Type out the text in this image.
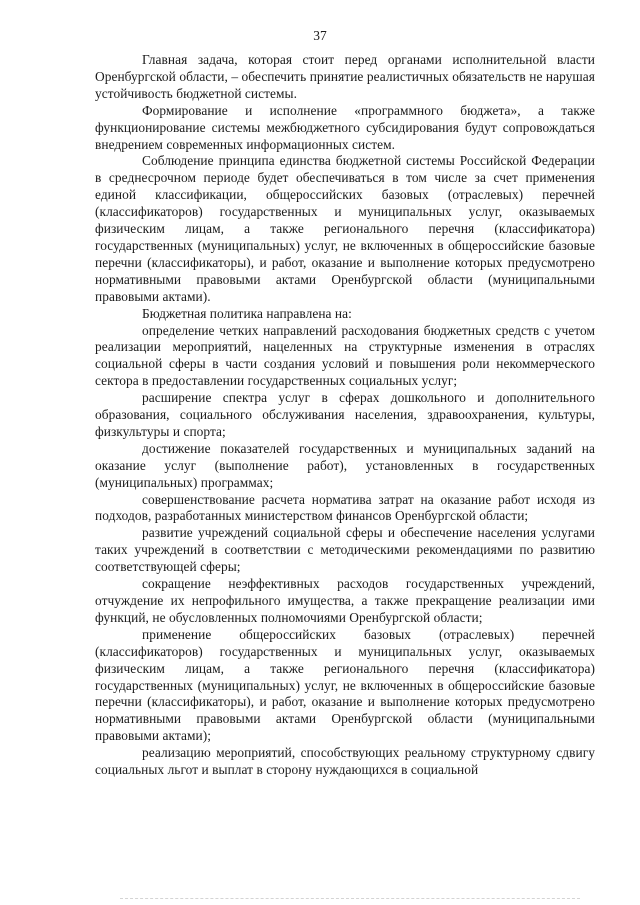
37

Главная задача, которая стоит перед органами исполнительной власти Оренбургской области, – обеспечить принятие реалистичных обязательств не нарушая устойчивость бюджетной системы.

Формирование и исполнение «программного бюджета», а также функционирование системы межбюджетного субсидирования будут сопровождаться внедрением современных информационных систем.

Соблюдение принципа единства бюджетной системы Российской Федерации в среднесрочном периоде будет обеспечиваться в том числе за счет применения единой классификации, общероссийских базовых (отраслевых) перечней (классификаторов) государственных и муниципальных услуг, оказываемых физическим лицам, а также регионального перечня (классификатора) государственных (муниципальных) услуг, не включенных в общероссийские базовые перечни (классификаторы), и работ, оказание и выполнение которых предусмотрено нормативными правовыми актами Оренбургской области (муниципальными правовыми актами).

Бюджетная политика направлена на:

определение четких направлений расходования бюджетных средств с учетом реализации мероприятий, нацеленных на структурные изменения в отраслях социальной сферы в части создания условий и повышения роли некоммерческого сектора в предоставлении государственных социальных услуг;

расширение спектра услуг в сферах дошкольного и дополнительного образования, социального обслуживания населения, здравоохранения, культуры, физкультуры и спорта;

достижение показателей государственных и муниципальных заданий на оказание услуг (выполнение работ), установленных в государственных (муниципальных) программах;

совершенствование расчета норматива затрат на оказание работ исходя из подходов, разработанных министерством финансов Оренбургской области;

развитие учреждений социальной сферы и обеспечение населения услугами таких учреждений в соответствии с методическими рекомендациями по развитию соответствующей сферы;

сокращение неэффективных расходов государственных учреждений, отчуждение их непрофильного имущества, а также прекращение реализации ими функций, не обусловленных полномочиями Оренбургской области;

применение общероссийских базовых (отраслевых) перечней (классификаторов) государственных и муниципальных услуг, оказываемых физическим лицам, а также регионального перечня (классификатора) государственных (муниципальных) услуг, не включенных в общероссийские базовые перечни (классификаторы), и работ, оказание и выполнение которых предусмотрено нормативными правовыми актами Оренбургской области (муниципальными правовыми актами);

реализацию мероприятий, способствующих реальному структурному сдвигу социальных льгот и выплат в сторону нуждающихся в социальной
